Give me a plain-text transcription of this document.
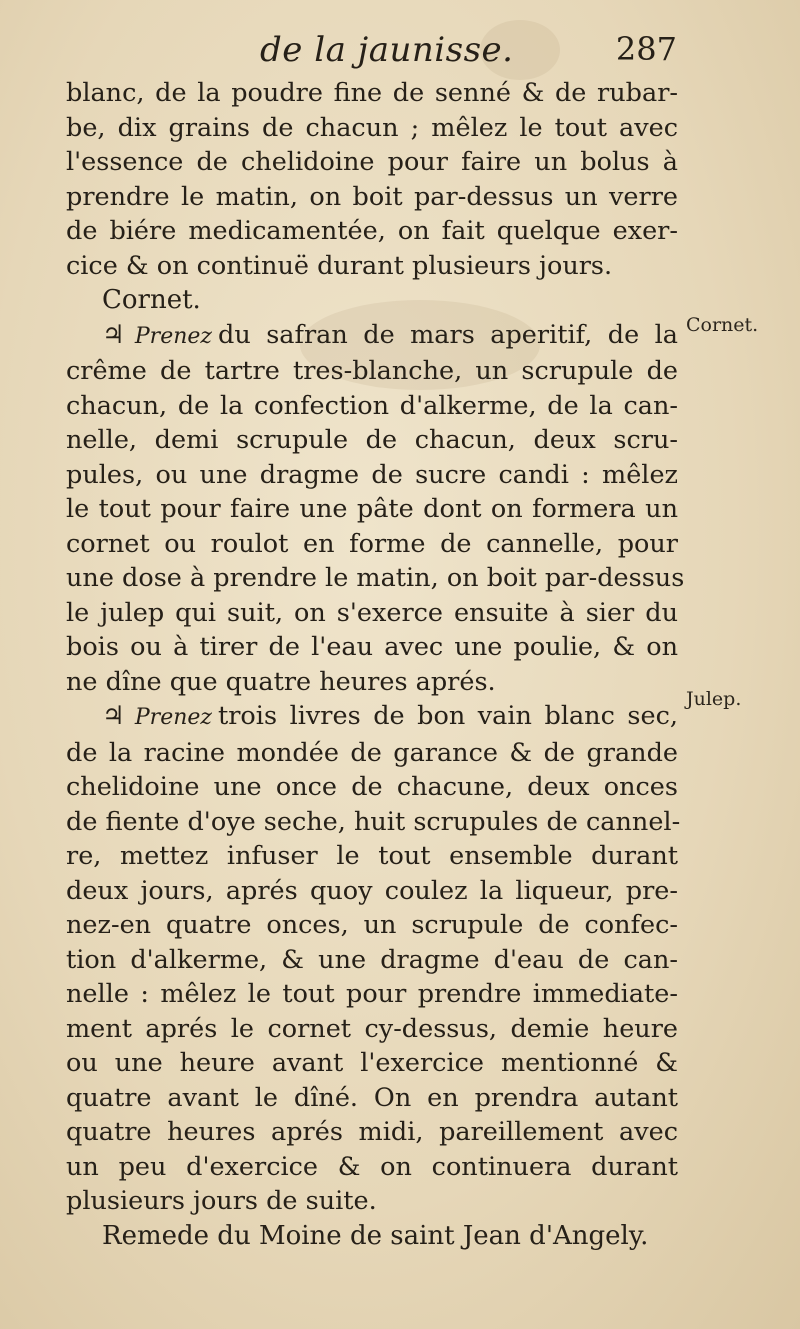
de la jaunisse.	287
Cornet.
Julep.
blanc, de la poudre fine de senné & de rubar-
be, dix grains de chacun ; mêlez le tout avec
l'essence de chelidoine pour faire un bolus à
prendre le matin, on boit par-dessus un verre
de biére medicamentée, on fait quelque exer-
cice & on continuë durant plusieurs jours.
Cornet.
♃ Prenez du safran de mars aperitif, de la
crême de tartre tres-blanche, un scrupule de
chacun, de la confection d'alkerme, de la can-
nelle, demi scrupule de chacun, deux scru-
pules, ou une dragme de sucre candi : mêlez
le tout pour faire une pâte dont on formera un
cornet ou roulot en forme de cannelle, pour
une dose à prendre le matin, on boit par-dessus
le julep qui suit, on s'exerce ensuite à sier du
bois ou à tirer de l'eau avec une poulie, & on
ne dîne que quatre heures aprés.
♃ Prenez trois livres de bon vain blanc sec,
de la racine mondée de garance & de grande
chelidoine une once de chacune, deux onces
de fiente d'oye seche, huit scrupules de cannel-
re, mettez infuser le tout ensemble durant
deux jours, aprés quoy coulez la liqueur, pre-
nez-en quatre onces, un scrupule de confec-
tion d'alkerme, & une dragme d'eau de can-
nelle : mêlez le tout pour prendre immediate-
ment aprés le cornet cy-dessus, demie heure
ou une heure avant l'exercice mentionné &
quatre avant le dîné. On en prendra autant
quatre heures aprés midi, pareillement avec
un peu d'exercice & on continuera durant
plusieurs jours de suite.
Remede du Moine de saint Jean d'Angely.
